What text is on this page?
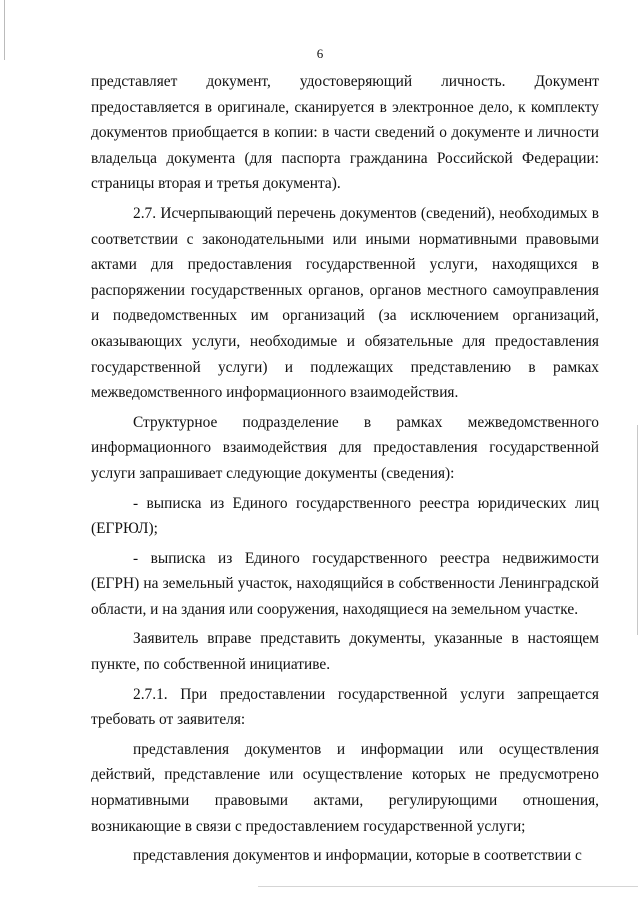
6

представляет документ, удостоверяющий личность. Документ предоставляется в оригинале, сканируется в электронное дело, к комплекту документов приобщается в копии: в части сведений о документе и личности владельца документа (для паспорта гражданина Российской Федерации: страницы вторая и третья документа).

2.7. Исчерпывающий перечень документов (сведений), необходимых в соответствии с законодательными или иными нормативными правовыми актами для предоставления государственной услуги, находящихся в распоряжении государственных органов, органов местного самоуправления и подведомственных им организаций (за исключением организаций, оказывающих услуги, необходимые и обязательные для предоставления государственной услуги) и подлежащих представлению в рамках межведомственного информационного взаимодействия.

Структурное подразделение в рамках межведомственного информационного взаимодействия для предоставления государственной услуги запрашивает следующие документы (сведения):

- выписка из Единого государственного реестра юридических лиц (ЕГРЮЛ);

- выписка из Единого государственного реестра недвижимости (ЕГРН) на земельный участок, находящийся в собственности Ленинградской области, и на здания или сооружения, находящиеся на земельном участке.

Заявитель вправе представить документы, указанные в настоящем пункте, по собственной инициативе.

2.7.1. При предоставлении государственной услуги запрещается требовать от заявителя:

представления документов и информации или осуществления действий, представление или осуществление которых не предусмотрено нормативными правовыми актами, регулирующими отношения, возникающие в связи с предоставлением государственной услуги;

представления документов и информации, которые в соответствии с
